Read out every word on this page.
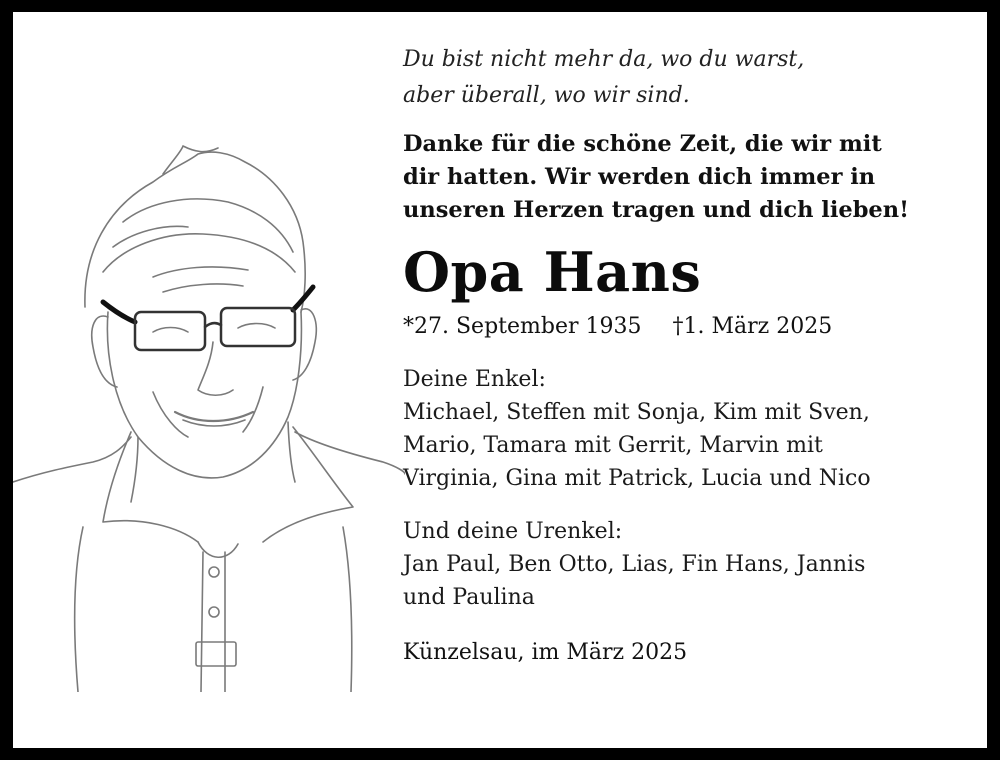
Du bist nicht mehr da, wo du warst,
aber überall, wo wir sind.

Danke für die schöne Zeit, die wir mit
dir hatten. Wir werden dich immer in
unseren Herzen tragen und dich lieben!

Opa Hans

*27. September 1935 †1. März 2025

Deine Enkel:

Michael, Steffen mit Sonja, Kim mit Sven,

Mario, Tamara mit Gerrit, Marvin mit

Virginia, Gina mit Patrick, Lucia und Nico

Und deine Urenkel:

Jan Paul, Ben Otto, Lias, Fin Hans, Jannis

und Paulina

Künzelsau, im März 2025
